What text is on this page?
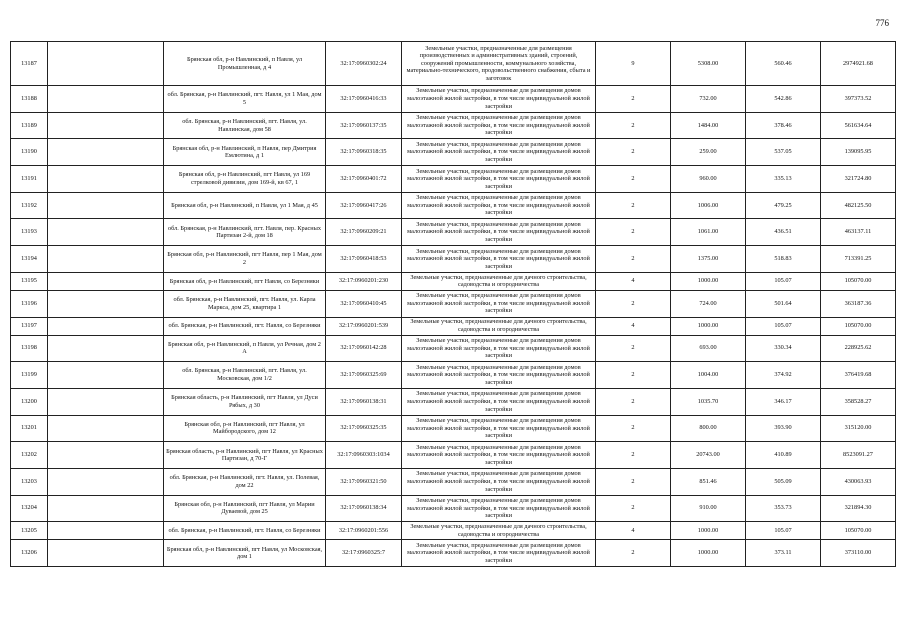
776
13187		Брянская обл, р-н Навлинский, п Навля, ул Промышленная, д 4	32:17:0960302:24	Земельные участки, предназначенные для размещения производственных и административных зданий, строений, сооружений промышленности, коммунального хозяйства, материально-технического, продовольственного снабжения, сбыта и заготовок	9	5308.00	560.46	2974921.68
13188		обл. Брянская, р-н Навлинский, пгт. Навля, ул 1 Мая, дом 5	32:17:0960416:33	Земельные участки, предназначенные для размещения домов малоэтажной жилой застройки, в том числе индивидуальной жилой застройки	2	732.00	542.86	397373.52
13189		обл. Брянская, р-н Навлинский, пгт. Навля, ул. Навлинская, дом 58	32:17:0960137:35	Земельные участки, предназначенные для размещения домов малоэтажной жилой застройки, в том числе индивидуальной жилой застройки	2	1484.00	378.46	561634.64
13190		Брянская обл, р-н Навлинский, п Навля, пер Дмитрия Емлютина, д 1	32:17:0960318:35	Земельные участки, предназначенные для размещения домов малоэтажной жилой застройки, в том числе индивидуальной жилой застройки	2	259.00	537.05	139095.95
13191		Брянская обл, р-н Навлинский, пгт Навля, ул 169 стрелковой дивизии, дом 169-й, кв 67, 1	32:17:0960401:72	Земельные участки, предназначенные для размещения домов малоэтажной жилой застройки, в том числе индивидуальной жилой застройки	2	960.00	335.13	321724.80
13192		Брянская обл, р-н Навлинский, п Навля, ул 1 Мая, д 45	32:17:0960417:26	Земельные участки, предназначенные для размещения домов малоэтажной жилой застройки, в том числе индивидуальной жилой застройки	2	1006.00	479.25	482125.50
13193		обл. Брянская, р-н Навлинский, пгт. Навля, пер. Красных Партизан 2-й, дом 18	32:17:0960209:21	Земельные участки, предназначенные для размещения домов малоэтажной жилой застройки, в том числе индивидуальной жилой застройки	2	1061.00	436.51	463137.11
13194		Брянская обл, р-н Навлинский, пгт Навля, пер 1 Мая, дом 2	32:17:0960418:53	Земельные участки, предназначенные для размещения домов малоэтажной жилой застройки, в том числе индивидуальной жилой застройки	2	1375.00	518.83	713391.25
13195		Брянская обл, р-н Навлинский, пгт Навля, со Березняки	32:17:0960201:230	Земельные участки, предназначенные для дачного строительства, садоводства и огородничества	4	1000.00	105.07	105070.00
13196		обл. Брянская, р-н Навлинский, пгт. Навля, ул. Карла Маркса, дом 25, квартира 1	32:17:0960410:45	Земельные участки, предназначенные для размещения домов малоэтажной жилой застройки, в том числе индивидуальной жилой застройки	2	724.00	501.64	363187.36
13197		обл. Брянская, р-н Навлинский, пгт. Навля, со Березняки	32:17:0960201:539	Земельные участки, предназначенные для дачного строительства, садоводства и огородничества	4	1000.00	105.07	105070.00
13198		Брянская обл, р-н Навлинский, п Навля, ул Речная, дом 2 А	32:17:0960142:28	Земельные участки, предназначенные для размещения домов малоэтажной жилой застройки, в том числе индивидуальной жилой застройки	2	693.00	330.34	228925.62
13199		обл. Брянская, р-н Навлинский, пгт. Навля, ул. Московская, дом 1/2	32:17:0960325:69	Земельные участки, предназначенные для размещения домов малоэтажной жилой застройки, в том числе индивидуальной жилой застройки	2	1004.00	374.92	376419.68
13200		Брянская область, р-н Навлинский, пгт Навля, ул Дуси Рябых, д 30	32:17:0960138:31	Земельные участки, предназначенные для размещения домов малоэтажной жилой застройки, в том числе индивидуальной жилой застройки	2	1035.70	346.17	358528.27
13201		Брянская обл, р-н Навлинский, пгт Навля, ул Майбородского, дом 12	32:17:0960325:35	Земельные участки, предназначенные для размещения домов малоэтажной жилой застройки, в том числе индивидуальной жилой застройки	2	800.00	393.90	315120.00
13202		Брянская область, р-н Навлинский, пгт Навля, ул Красных Партизан, д 70-Г	32:17:0960303:1034	Земельные участки, предназначенные для размещения домов малоэтажной жилой застройки, в том числе индивидуальной жилой застройки	2	20743.00	410.89	8523091.27
13203		обл. Брянская, р-н Навлинский, пгт. Навля, ул. Полевая, дом 22	32:17:0960321:50	Земельные участки, предназначенные для размещения домов малоэтажной жилой застройки, в том числе индивидуальной жилой застройки	2	851.46	505.09	430063.93
13204		Брянская обл, р-н Навлинский, пгт Навля, ул Марии Дуваевой, дом 25	32:17:0960138:34	Земельные участки, предназначенные для размещения домов малоэтажной жилой застройки, в том числе индивидуальной жилой застройки	2	910.00	353.73	321894.30
13205		обл. Брянская, р-н Навлинский, пгт. Навля, со Березняки	32:17:0960201:556	Земельные участки, предназначенные для дачного строительства, садоводства и огородничества	4	1000.00	105.07	105070.00
13206		Брянская обл, р-н Навлинский, пгт Навля, ул Московская, дом 1	32:17:0960325:7	Земельные участки, предназначенные для размещения домов малоэтажной жилой застройки, в том числе индивидуальной жилой застройки	2	1000.00	373.11	373110.00
